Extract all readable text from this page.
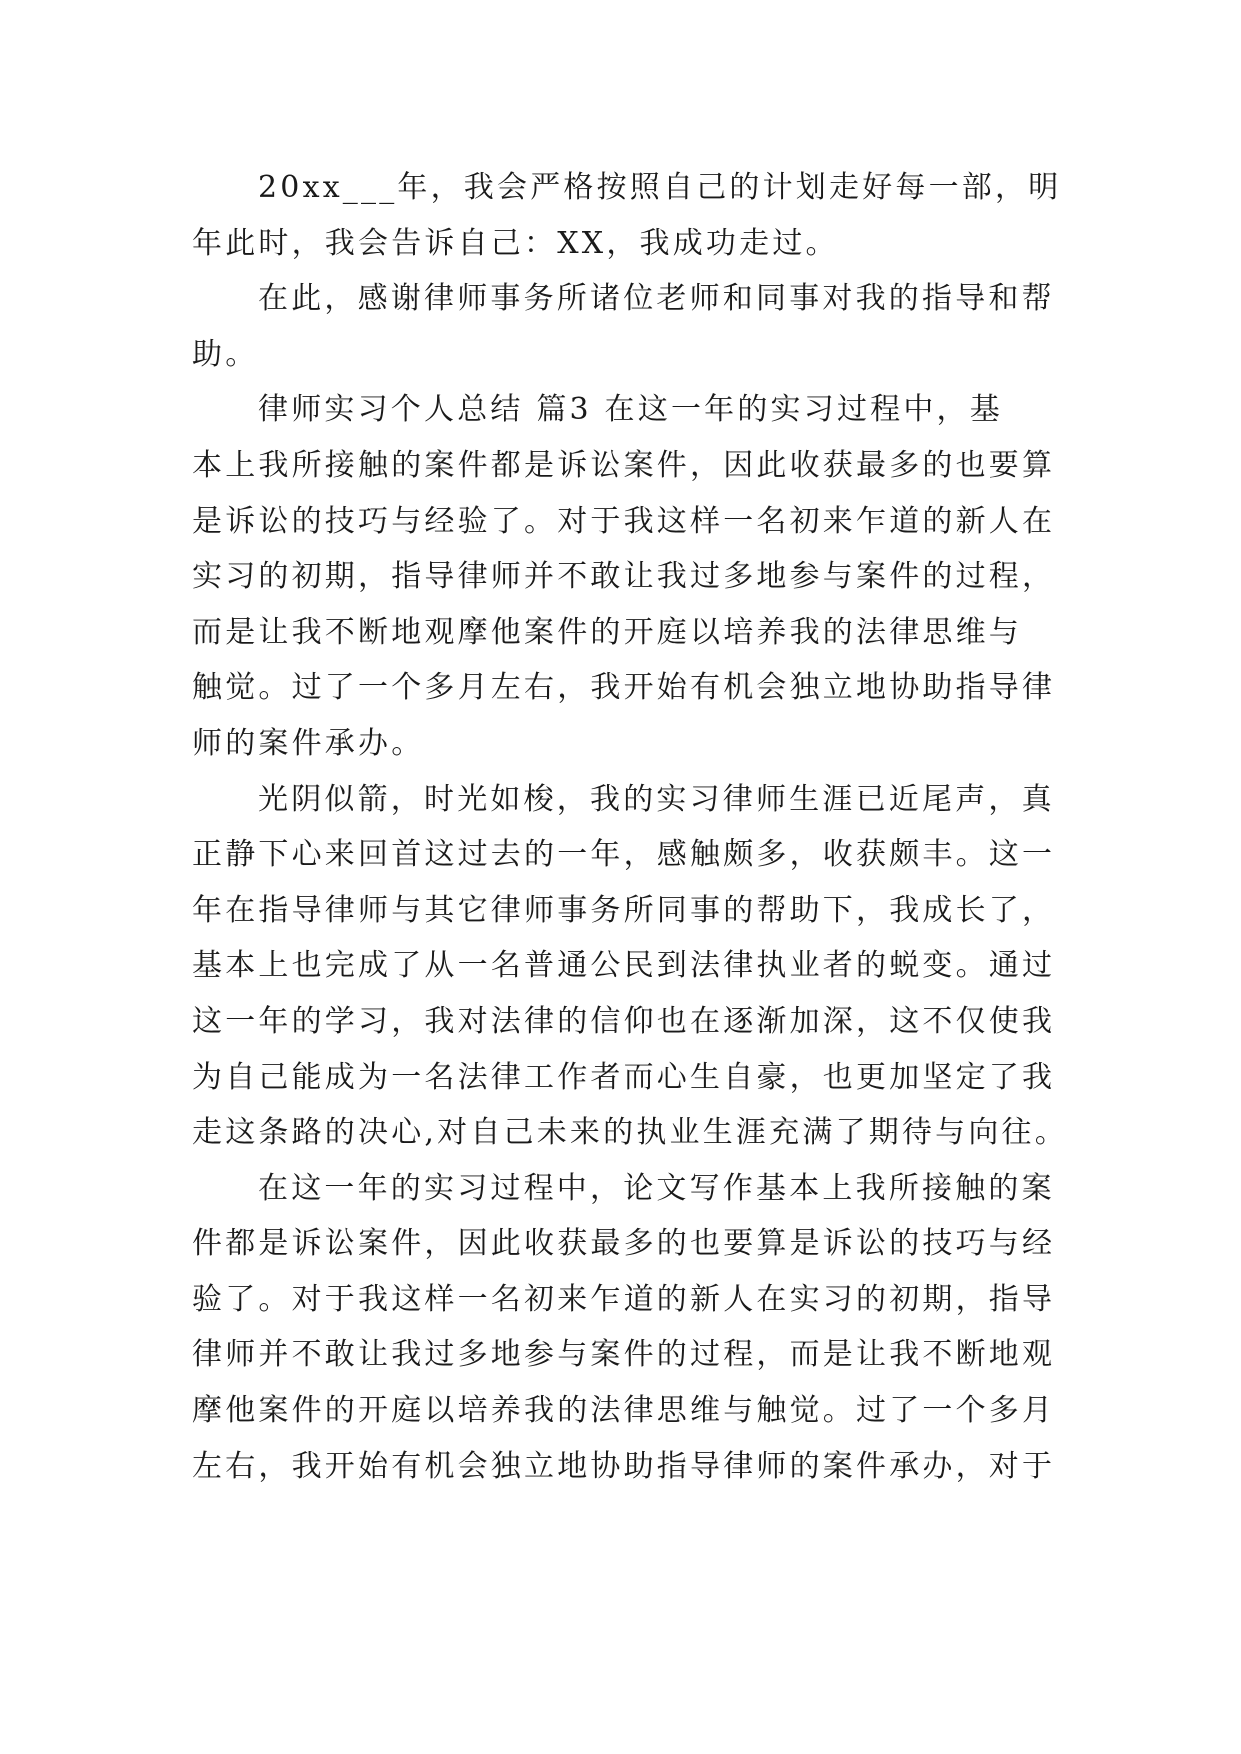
20xx___年，我会严格按照自己的计划走好每一部，明
年此时，我会告诉自己：XX，我成功走过。
在此，感谢律师事务所诸位老师和同事对我的指导和帮
助。
律师实习个人总结 篇3 在这一年的实习过程中，基
本上我所接触的案件都是诉讼案件，因此收获最多的也要算
是诉讼的技巧与经验了。对于我这样一名初来乍道的新人在
实习的初期，指导律师并不敢让我过多地参与案件的过程，
而是让我不断地观摩他案件的开庭以培养我的法律思维与
触觉。过了一个多月左右，我开始有机会独立地协助指导律
师的案件承办。
光阴似箭，时光如梭，我的实习律师生涯已近尾声，真
正静下心来回首这过去的一年，感触颇多，收获颇丰。这一
年在指导律师与其它律师事务所同事的帮助下，我成长了，
基本上也完成了从一名普通公民到法律执业者的蜕变。通过
这一年的学习，我对法律的信仰也在逐渐加深，这不仅使我
为自己能成为一名法律工作者而心生自豪，也更加坚定了我
走这条路的决心,对自己未来的执业生涯充满了期待与向往。
在这一年的实习过程中，论文写作基本上我所接触的案
件都是诉讼案件，因此收获最多的也要算是诉讼的技巧与经
验了。对于我这样一名初来乍道的新人在实习的初期，指导
律师并不敢让我过多地参与案件的过程，而是让我不断地观
摩他案件的开庭以培养我的法律思维与触觉。过了一个多月
左右，我开始有机会独立地协助指导律师的案件承办，对于
